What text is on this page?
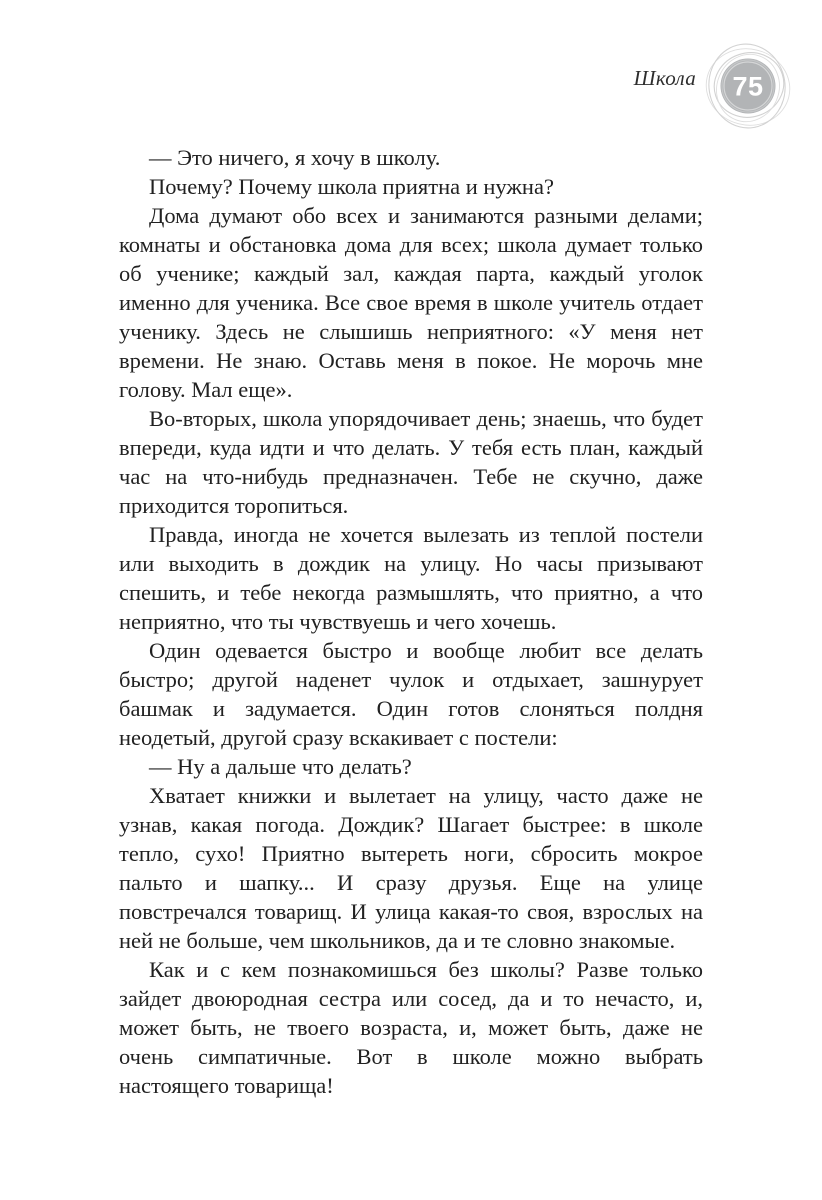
Школа 75

— Это ничего, я хочу в школу.

Почему? Почему школа приятна и нужна?

Дома думают обо всех и занимаются разными делами; комнаты и обстановка дома для всех; школа думает только об ученике; каждый зал, каждая парта, каждый уголок именно для ученика. Все свое время в школе учитель отдает ученику. Здесь не слышишь неприятного: «У меня нет времени. Не знаю. Оставь меня в покое. Не морочь мне голову. Мал еще».

Во-вторых, школа упорядочивает день; знаешь, что будет впереди, куда идти и что делать. У тебя есть план, каждый час на что-нибудь предназначен. Тебе не скучно, даже приходится торопиться.

Правда, иногда не хочется вылезать из теплой постели или выходить в дождик на улицу. Но часы призывают спешить, и тебе некогда размышлять, что приятно, а что неприятно, что ты чувствуешь и чего хочешь.

Один одевается быстро и вообще любит все делать быстро; другой наденет чулок и отдыхает, зашнурует башмак и задумается. Один готов слоняться полдня неодетый, другой сразу вскакивает с постели:

— Ну а дальше что делать?

Хватает книжки и вылетает на улицу, часто даже не узнав, какая погода. Дождик? Шагает быстрее: в школе тепло, сухо! Приятно вытереть ноги, сбросить мокрое пальто и шапку... И сразу друзья. Еще на улице повстречался товарищ. И улица какая-то своя, взрослых на ней не больше, чем школьников, да и те словно знакомые.

Как и с кем познакомишься без школы? Разве только зайдет двоюродная сестра или сосед, да и то нечасто, и, может быть, не твоего возраста, и, может быть, даже не очень симпатичные. Вот в школе можно выбрать настоящего товарища!
